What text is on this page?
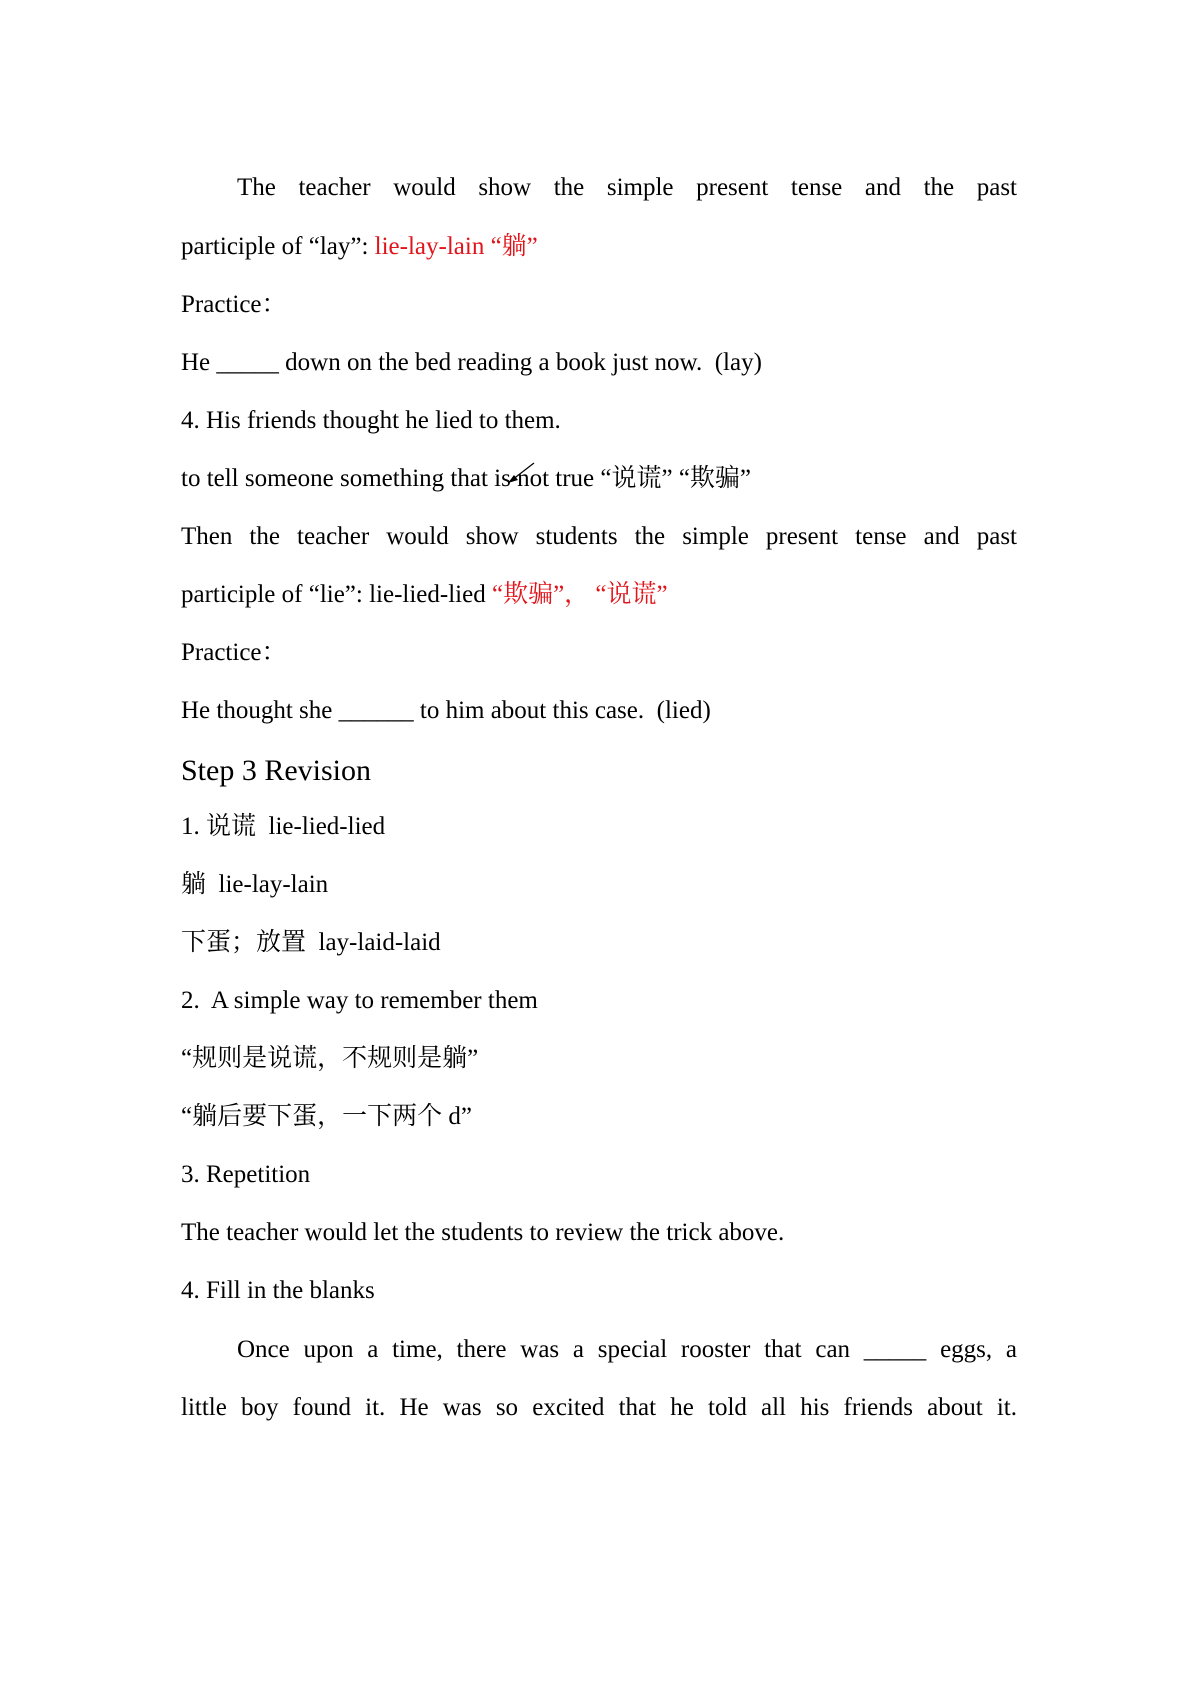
The teacher would show the simple present tense and the past
participle of “lay”: lie-lay-lain “躺”
Practice：
He _____ down on the bed reading a book just now.  (lay)
4. His friends thought he lied to them.
to tell someone something that is not true “说谎” “欺骗”
Then the teacher would show students the simple present tense and past
participle of “lie”: lie-lied-lied “欺骗”， “说谎”
Practice：
He thought she ______ to him about this case.  (lied)
Step 3 Revision
1. 说谎  lie-lied-lied
躺  lie-lay-lain
下蛋；放置  lay-laid-laid
2.  A simple way to remember them
“规则是说谎，不规则是躺”
“躺后要下蛋，一下两个 d”
3. Repetition
The teacher would let the students to review the trick above.
4. Fill in the blanks
Once upon a time, there was a special rooster that can _____ eggs, a
little boy found it. He was so excited that he told all his friends about it.
